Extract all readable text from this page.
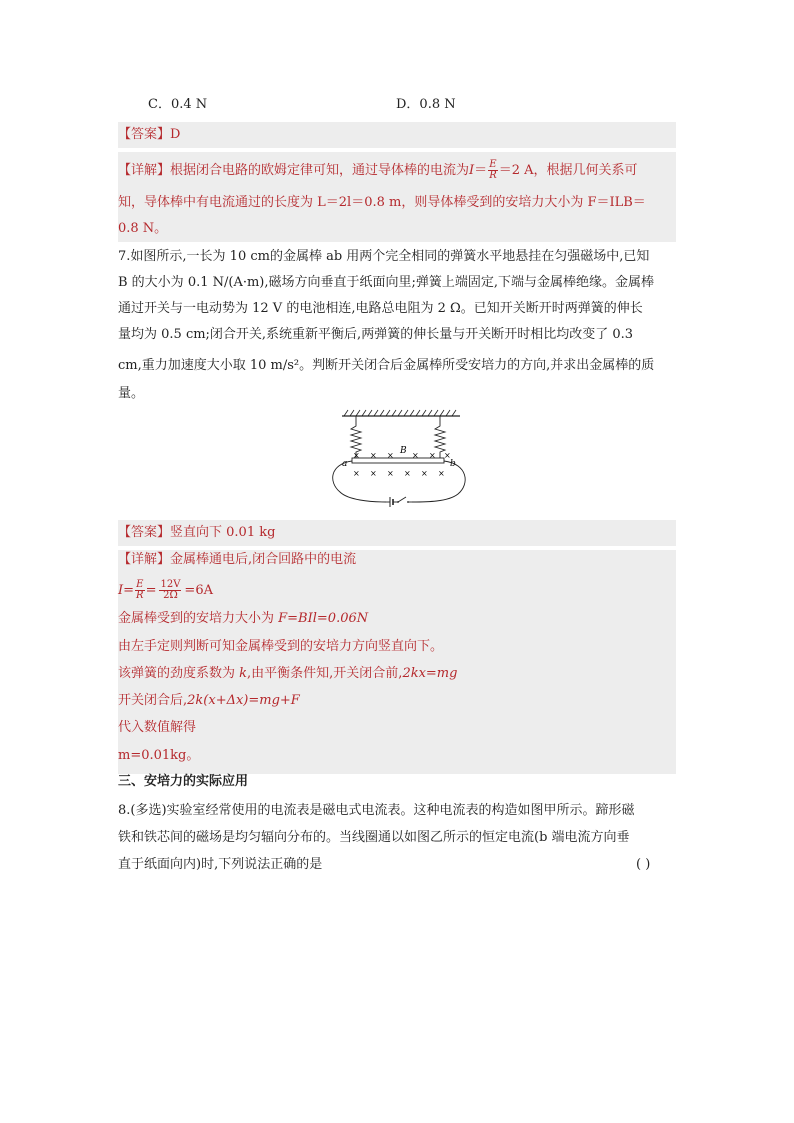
C．0.4 N	D．0.8 N
【答案】D
【详解】根据闭合电路的欧姆定律可知，通过导体棒的电流为$I= \frac{E}{R} =2$ A，根据几何关系可
知，导体棒中有电流通过的长度为 L＝2l＝0.8 m，则导体棒受到的安培力大小为 F＝ILB＝
0.8 N。
7.如图所示,一长为 10 cm的金属棒 ab 用两个完全相同的弹簧水平地悬挂在匀强磁场中,已知
B 的大小为 0.1 N/(A·m),磁场方向垂直于纸面向里;弹簧上端固定,下端与金属棒绝缘。金属棒
通过开关与一电动势为 12 V 的电池相连,电路总电阻为 2 Ω。已知开关断开时两弹簧的伸长
量均为 0.5 cm;闭合开关,系统重新平衡后,两弹簧的伸长量与开关断开时相比均改变了 0.3
cm,重力加速度大小取 10 m/s²。判断开关闭合后金属棒所受安培力的方向,并求出金属棒的质
量。
B
a	b
× × × × × ×
× × × × × ×
【答案】竖直向下 0.01 kg
【详解】金属棒通电后,闭合回路中的电流
$I= \frac{E}{R} = \frac{12V}{2\Omega} =6A$
金属棒受到的安培力大小为 F=BIl=0.06N
由左手定则判断可知金属棒受到的安培力方向竖直向下。
该弹簧的劲度系数为 k,由平衡条件知,开关闭合前,2kx=mg
开关闭合后,2k(x+Δx)=mg+F
代入数值解得
m=0.01kg。
三、安培力的实际应用
8.(多选)实验室经常使用的电流表是磁电式电流表。这种电流表的构造如图甲所示。蹄形磁
铁和铁芯间的磁场是均匀辐向分布的。当线圈通以如图乙所示的恒定电流(b 端电流方向垂
直于纸面向内)时,下列说法正确的是	( )
